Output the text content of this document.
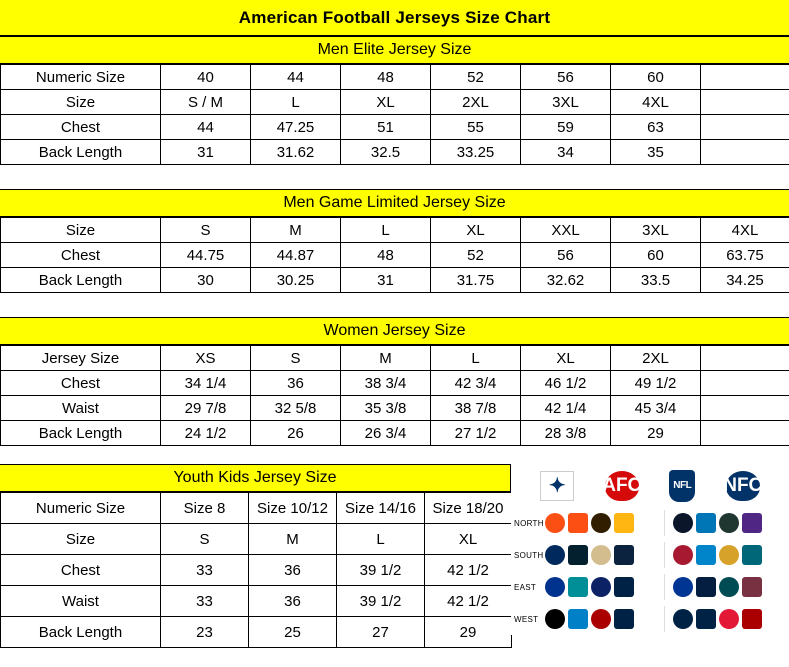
American Football Jerseys Size Chart
Men Elite Jersey Size
Numeric Size	40	44	48	52	56	60	
Size	S / M	L	XL	2XL	3XL	4XL	
Chest	44	47.25	51	55	59	63	
Back Length	31	31.62	32.5	33.25	34	35	
Men Game Limited Jersey Size
Size	S	M	L	XL	XXL	3XL	4XL
Chest	44.75	44.87	48	52	56	60	63.75
Back Length	30	30.25	31	31.75	32.62	33.5	34.25
Women Jersey Size
Jersey Size	XS	S	M	L	XL	2XL	
Chest	34 1/4	36	38 3/4	42 3/4	46 1/2	49 1/2	
Waist	29 7/8	32 5/8	35 3/8	38 7/8	42 1/4	45 3/4	
Back Length	24 1/2	26	26 3/4	27 1/2	28 3/8	29	
Youth Kids Jersey Size
Numeric Size	Size 8	Size 10/12	Size 14/16	Size 18/20
Size	S	M	L	XL
Chest	33	36	39 1/2	42 1/2
Waist	33	36	39 1/2	42 1/2
Back Length	23	25	27	29
✦	AFC	NFL NFC
NORTH
SOUTH
EAST
WEST
